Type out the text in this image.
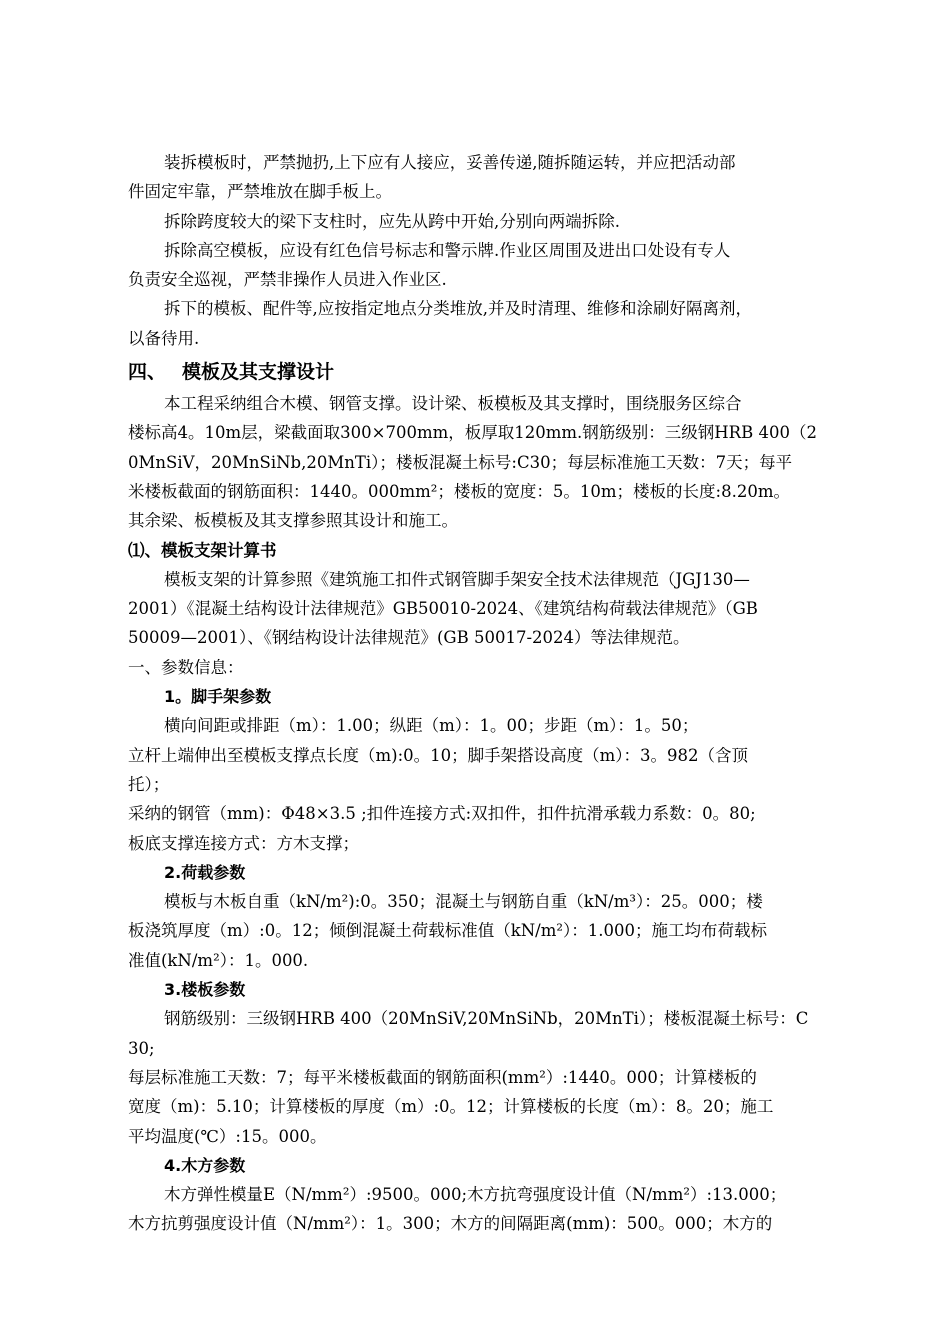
装拆模板时，严禁抛扔,上下应有人接应，妥善传递,随拆随运转，并应把活动部
件固定牢靠，严禁堆放在脚手板上。
拆除跨度较大的梁下支柱时，应先从跨中开始,分别向两端拆除.
拆除高空模板，应设有红色信号标志和警示牌.作业区周围及进出口处设有专人
负责安全巡视，严禁非操作人员进入作业区.
拆下的模板、配件等,应按指定地点分类堆放,并及时清理、维修和涂刷好隔离剂，
以备待用.
四、 模板及其支撑设计
本工程采纳组合木模、钢管支撑。设计梁、板模板及其支撑时，围绕服务区综合
楼标高4。10m层，梁截面取300×700mm，板厚取120mm.钢筋级别：三级钢HRB 400（2
0MnSiV，20MnSiNb,20MnTi）；楼板混凝土标号:C30；每层标准施工天数：7天；每平
米楼板截面的钢筋面积：1440。000mm²；楼板的宽度：5。10m；楼板的长度:8.20m。
其余梁、板模板及其支撑参照其设计和施工。
⑴、模板支架计算书
模板支架的计算参照《建筑施工扣件式钢管脚手架安全技术法律规范（JGJ130—
2001）《混凝土结构设计法律规范》GB50010-2024、《建筑结构荷载法律规范》（GB
50009—2001）、《钢结构设计法律规范》(GB 50017-2024）等法律规范。
一、参数信息：
1。脚手架参数
横向间距或排距（m）：1.00；纵距（m）：1。00；步距（m）：1。50；
立杆上端伸出至模板支撑点长度（m):0。10；脚手架搭设高度（m）：3。982（含顶
托）；
采纳的钢管（mm)：Φ48×3.5 ;扣件连接方式:双扣件，扣件抗滑承载力系数：0。80;
板底支撑连接方式：方木支撑；
2.荷载参数
模板与木板自重（kN/m²):0。350；混凝土与钢筋自重（kN/m³）：25。000；楼
板浇筑厚度（m）:0。12；倾倒混凝土荷载标准值（kN/m²）：1.000；施工均布荷载标
准值(kN/m²）：1。000.
3.楼板参数
钢筋级别：三级钢HRB 400（20MnSiV,20MnSiNb，20MnTi）；楼板混凝土标号：C
30;
每层标准施工天数：7；每平米楼板截面的钢筋面积(mm²）:1440。000；计算楼板的
宽度（m)：5.10；计算楼板的厚度（m）:0。12；计算楼板的长度（m）：8。20；施工
平均温度(℃）:15。000。
4.木方参数
木方弹性模量E（N/mm²）:9500。000;木方抗弯强度设计值（N/mm²）:13.000；
木方抗剪强度设计值（N/mm²）：1。300；木方的间隔距离(mm)：500。000；木方的
